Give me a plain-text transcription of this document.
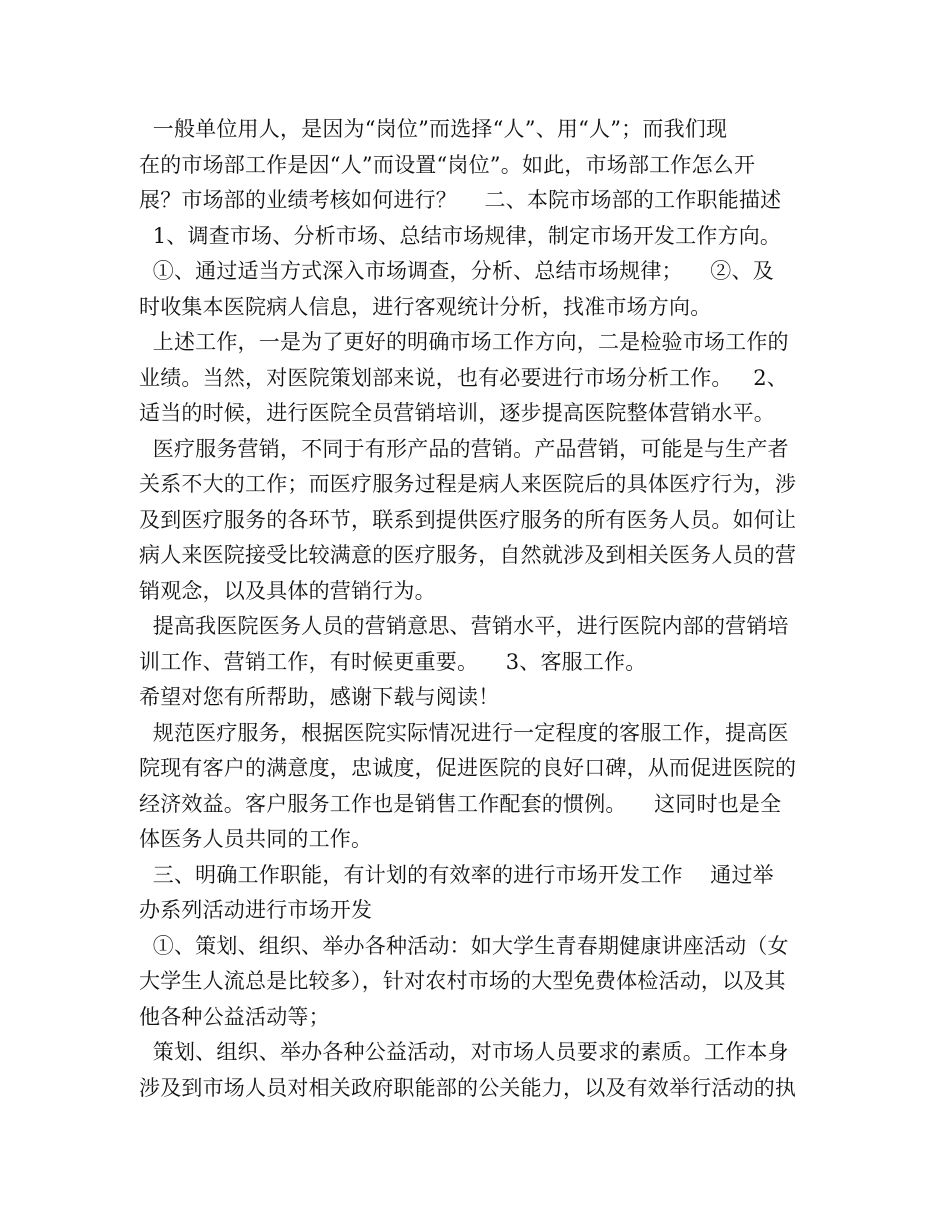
一般单位用人，是因为“岗位”而选择“人”、用“人”；而我们现
在的市场部工作是因“人”而设置“岗位”。如此，市场部工作怎么开
展？市场部的业绩考核如何进行？    二、本院市场部的工作职能描述
1、调查市场、分析市场、总结市场规律，制定市场开发工作方向。
①、通过适当方式深入市场调查，分析、总结市场规律；    ②、及
时收集本医院病人信息，进行客观统计分析，找准市场方向。
上述工作，一是为了更好的明确市场工作方向，二是检验市场工作的
业绩。当然，对医院策划部来说，也有必要进行市场分析工作。   2、
适当的时候，进行医院全员营销培训，逐步提高医院整体营销水平。
医疗服务营销，不同于有形产品的营销。产品营销，可能是与生产者
关系不大的工作；而医疗服务过程是病人来医院后的具体医疗行为，涉
及到医疗服务的各环节，联系到提供医疗服务的所有医务人员。如何让
病人来医院接受比较满意的医疗服务，自然就涉及到相关医务人员的营
销观念，以及具体的营销行为。
提高我医院医务人员的营销意思、营销水平，进行医院内部的营销培
训工作、营销工作，有时候更重要。    3、客服工作。
希望对您有所帮助，感谢下载与阅读！
规范医疗服务，根据医院实际情况进行一定程度的客服工作，提高医
院现有客户的满意度，忠诚度，促进医院的良好口碑，从而促进医院的
经济效益。客户服务工作也是销售工作配套的惯例。    这同时也是全
体医务人员共同的工作。
三、明确工作职能，有计划的有效率的进行市场开发工作    通过举
办系列活动进行市场开发
①、策划、组织、举办各种活动：如大学生青春期健康讲座活动（女
大学生人流总是比较多），针对农村市场的大型免费体检活动，以及其
他各种公益活动等；
策划、组织、举办各种公益活动，对市场人员要求的素质。工作本身
涉及到市场人员对相关政府职能部的公关能力，以及有效举行活动的执
